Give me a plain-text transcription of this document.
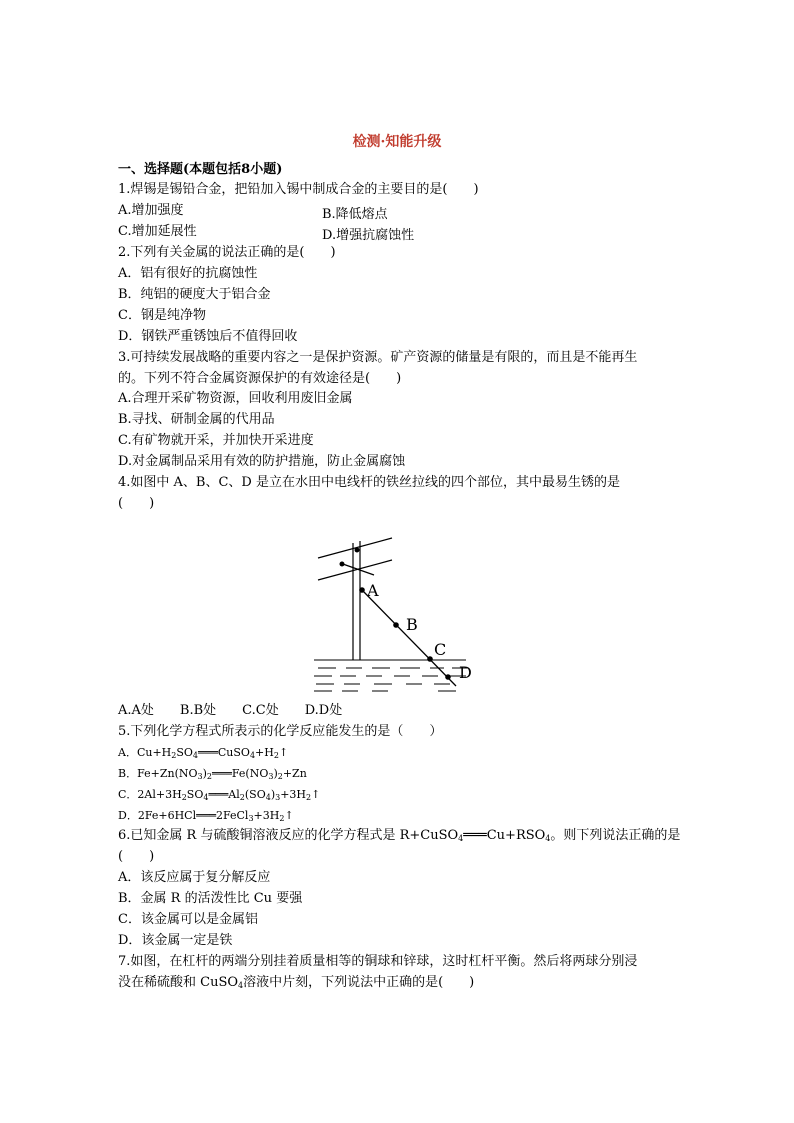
检测·知能升级
一、选择题(本题包括8小题)
1.焊锡是锡铅合金，把铅加入锡中制成合金的主要目的是(　　)
A.增加强度	B.降低熔点
C.增加延展性	D.增强抗腐蚀性
2.下列有关金属的说法正确的是(　　)
A．铝有很好的抗腐蚀性
B．纯铝的硬度大于铝合金
C．钢是纯净物
D．钢铁严重锈蚀后不值得回收
3.可持续发展战略的重要内容之一是保护资源。矿产资源的储量是有限的，而且是不能再生
的。下列不符合金属资源保护的有效途径是(　　)
A.合理开采矿物资源，回收利用废旧金属
B.寻找、研制金属的代用品
C.有矿物就开采，并加快开采进度
D.对金属制品采用有效的防护措施，防止金属腐蚀
4.如图中 A、B、C、D 是立在水田中电线杆的铁丝拉线的四个部位，其中最易生锈的是
(　　)
A
B
C
D
A.A处　　B.B处　　C.C处　　D.D处
5.下列化学方程式所表示的化学反应能发生的是（　　）
A．$Cu+H_2SO_4═══CuSO_4+H_2↑$
B．$Fe+Zn(NO_3)_2═══Fe(NO_3)_2+Zn$
C．$2Al+3H_2SO_4═══Al_2(SO_4)_3+3H_2↑$
D．$2Fe+6HCl═══2FeCl_3+3H_2↑$
6.已知金属 R 与硫酸铜溶液反应的化学方程式是 $R+CuSO_4═══Cu+RSO_4$。则下列说法正确的是
(　　)
A．该反应属于复分解反应
B．金属 R 的活泼性比 Cu 要强
C．该金属可以是金属铝
D．该金属一定是铁
7.如图，在杠杆的两端分别挂着质量相等的铜球和锌球，这时杠杆平衡。然后将两球分别浸
没在稀硫酸和 CuSO$_4$溶液中片刻，下列说法中正确的是(　　)
